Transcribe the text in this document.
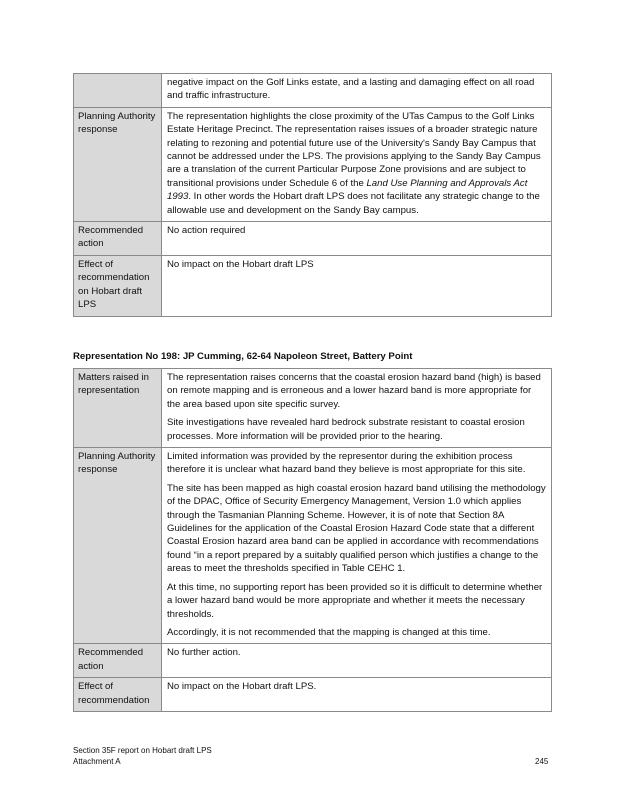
	negative impact on the Golf Links estate, and a lasting and damaging effect on all road and traffic infrastructure.
Planning Authority response	The representation highlights the close proximity of the UTas Campus to the Golf Links Estate Heritage Precinct. The representation raises issues of a broader strategic nature relating to rezoning and potential future use of the University's Sandy Bay Campus that cannot be addressed under the LPS. The provisions applying to the Sandy Bay Campus are a translation of the current Particular Purpose Zone provisions and are subject to transitional provisions under Schedule 6 of the Land Use Planning and Approvals Act 1993. In other words the Hobart draft LPS does not facilitate any strategic change to the allowable use and development on the Sandy Bay campus.
Recommended action	No action required
Effect of recommendation on Hobart draft LPS	No impact on the Hobart draft LPS
Representation No 198: JP Cumming, 62-64 Napoleon Street, Battery Point
Matters raised in representation	The representation raises concerns that the coastal erosion hazard band (high) is based on remote mapping and is erroneous and a lower hazard band is more appropriate for the area based upon site specific survey.

Site investigations have revealed hard bedrock substrate resistant to coastal erosion processes. More information will be provided prior to the hearing.

Planning Authority response	Limited information was provided by the representor during the exhibition process therefore it is unclear what hazard band they believe is most appropriate for this site.

The site has been mapped as high coastal erosion hazard band utilising the methodology of the DPAC, Office of Security Emergency Management, Version 1.0 which applies through the Tasmanian Planning Scheme. However, it is of note that Section 8A Guidelines for the application of the Coastal Erosion Hazard Code state that a different Coastal Erosion hazard area band can be applied in accordance with recommendations found “in a report prepared by a suitably qualified person which justifies a change to the areas to meet the thresholds specified in Table CEHC 1.

At this time, no supporting report has been provided so it is difficult to determine whether a lower hazard band would be more appropriate and whether it meets the necessary thresholds.

Accordingly, it is not recommended that the mapping is changed at this time.

Recommended action	No further action.
Effect of recommendation	No impact on the Hobart draft LPS.
Section 35F report on Hobart draft LPS
Attachment A	245
